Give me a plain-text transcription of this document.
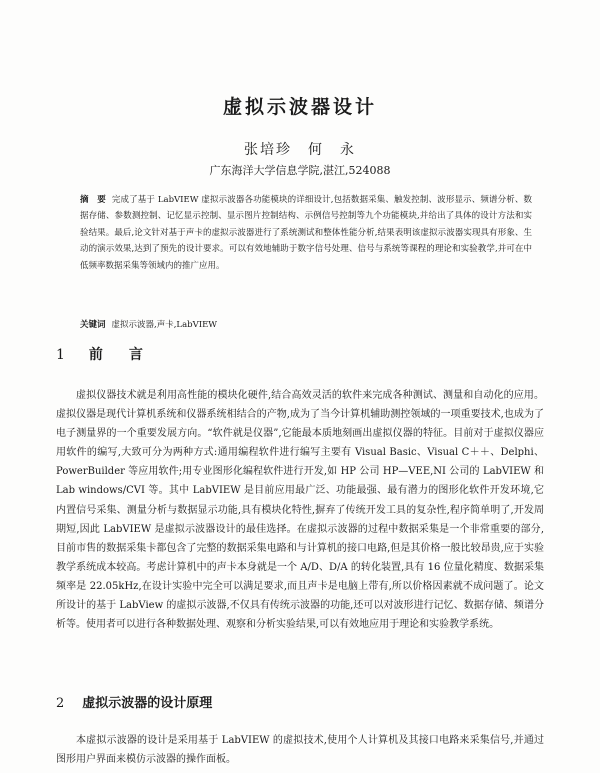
虚拟示波器设计
张培珍　何　永
广东海洋大学信息学院,湛江,524088
摘　要 完成了基于 LabVIEW 虚拟示波器各功能模块的详细设计,包括数据采集、触发控制、波形显示、频谱分析、数据存储、参数测控制、记忆显示控制、显示图片控制结构、示例信号控制等九个功能模块,并给出了具体的设计方法和实验结果。最后,论文针对基于声卡的虚拟示波器进行了系统测试和整体性能分析,结果表明该虚拟示波器实现具有形象、生动的演示效果,达到了预先的设计要求。可以有效地辅助于数字信号处理、信号与系统等课程的理论和实验教学,并可在中低频率数据采集等领域内的推广应用。
关键词 虚拟示波器,声卡,LabVIEW
1 前　言
虚拟仪器技术就是利用高性能的模块化硬件,结合高效灵活的软件来完成各种测试、测量和自动化的应用。虚拟仪器是现代计算机系统和仪器系统相结合的产物,成为了当今计算机辅助测控领域的一项重要技术,也成为了电子测量界的一个重要发展方向。“软件就是仪器”,它能最本质地刻画出虚拟仪器的特征。目前对于虚拟仪器应用软件的编写,大致可分为两种方式:通用编程软件进行编写主要有 Visual Basic、Visual C＋＋、Delphi、PowerBuilder 等应用软件;用专业图形化编程软件进行开发,如 HP 公司 HP—VEE,NI 公司的 LabVIEW 和 Lab windows/CVI 等。其中 LabVIEW 是目前应用最广泛、功能最强、最有潜力的图形化软件开发环境,它内置信号采集、测量分析与数据显示功能,具有模块化特性,摒弃了传统开发工具的复杂性,程序简单明了,开发周期短,因此 LabVIEW 是虚拟示波器设计的最佳选择。在虚拟示波器的过程中数据采集是一个非常重要的部分,目前市售的数据采集卡都包含了完整的数据采集电路和与计算机的接口电路,但是其价格一般比较昂贵,应于实验教学系统成本较高。考虑计算机中的声卡本身就是一个 A/D、D/A 的转化装置,具有 16 位量化精度、数据采集频率是 22.05kHz,在设计实验中完全可以满足要求,而且声卡是电脑上带有,所以价格因素就不成问题了。论文所设计的基于 LabView 的虚拟示波器,不仅具有传统示波器的功能,还可以对波形进行记忆、数据存储、频谱分析等。使用者可以进行各种数据处理、观察和分析实验结果,可以有效地应用于理论和实验教学系统。
2 虚拟示波器的设计原理
本虚拟示波器的设计是采用基于 LabVIEW 的虚拟技术,使用个人计算机及其接口电路来采集信号,并通过图形用户界面来模仿示波器的操作面板。
